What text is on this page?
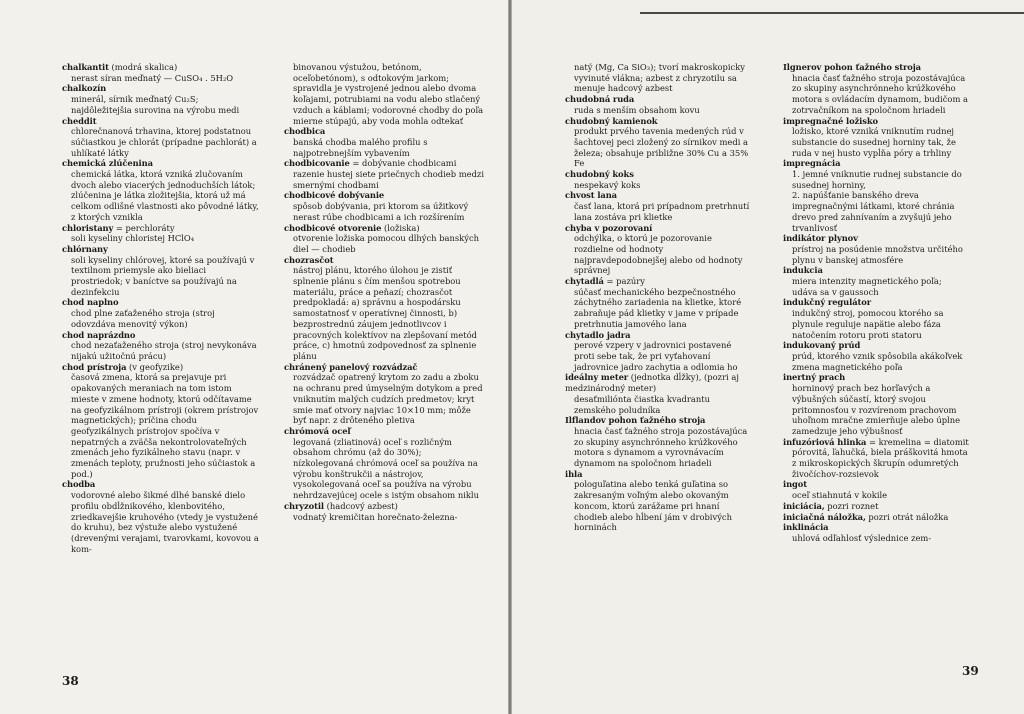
chalkantit (modrá skalica)
nerast síran meďnatý — CuSO₄ . 5H₂O
chalkozín
minerál, sírnik meďnatý Cu₂S; najdôležitejšia surovina na výrobu medi
cheddit
chlorečnanová trhavina, ktorej podstatnou súčiastkou je chlorát (prípadne pachlorát) a uhlíkaté látky
chemická zlúčenina
chemická látka, ktorá vzniká zlučovaním dvoch alebo viacerých jednoduchších látok; zlúčenina je látka zložitejšia, ktorá už má celkom odlišné vlastnosti ako pôvodné látky, z ktorých vznikla
chloristany = perchloráty
soli kyseliny chloristej HClO₄
chlórnany
soli kyseliny chlórovej, ktoré sa používajú v textilnom priemysle ako bieliaci prostriedok; v baníctve sa používajú na dezinfekciu
chod naplno
chod plne zaťaženého stroja (stroj odovzdáva menovitý výkon)
chod naprázdno
chod nezaťaženého stroja (stroj nevykonáva nijakú užitočnú prácu)
chod prístroja (v geofyzike)
časová zmena, ktorá sa prejavuje pri opakovaných meraniach na tom istom mieste v zmene hodnoty, ktorú odčítavame na geofyzikálnom prístroji (okrem prístrojov magnetických); príčina chodu geofyzikálnych prístrojov spočíva v nepatrných a zväčša nekontrolovateľných zmenách jeho fyzikálneho stavu (napr. v zmenách teploty, pružnosti jeho súčiastok a pod.)
chodba
vodorovné alebo šikmé dlhé banské dielo profilu obdĺžnikového, klenbovitého, zriedkavejšie kruhového (vtedy je vystužené do kruhu), bez výstuže alebo vystužené (drevenými verajami, tvarovkami, kovovou a kom-
binovanou výstužou, betónom, oceľobetónom), s odtokovým jarkom; spravidla je vystrojené jednou alebo dvoma koľajami, potrubiami na vodu alebo stlačený vzduch a káblami; vodorovné chodby do poľa mierne stúpajú, aby voda mohla odtekať
chodbica
banská chodba malého profilu s najpotrebnejším vybavením
chodbicovanie = dobývanie chodbicami
razenie hustej siete priečnych chodieb medzi smernými chodbami
chodbicové dobývanie
spôsob dobývania, pri ktorom sa úžitkový nerast rúbe chodbicami a ich rozšírením
chodbicové otvorenie (ložiska)
otvorenie ložiska pomocou dlhých banských diel — chodieb
chozrasčot
nástroj plánu, ktorého úlohou je zistiť splnenie plánu s čím menšou spotrebou materiálu, práce a peňazí; chozrasčot predpokladá: a) správnu a hospodársku samostatnosť v operatívnej činnosti, b) bezprostrednú záujem jednotlivcov i pracovných kolektívov na zlepšovaní metód práce, c) hmotnú zodpovednosť za splnenie plánu
chránený panelový rozvádzač
rozvádzač opatrený krytom zo zadu a zboku na ochranu pred úmyselným dotykom a pred vniknutím malých cudzích predmetov; kryt smie mať otvory najviac 10×10 mm; môže byť napr. z drôteného pletiva
chrómová oceľ
legovaná (zliatinová) oceľ s rozličným obsahom chrómu (až do 30%); nízkolegovaná chrómová oceľ sa používa na výrobu konštrukčii a nástrojov, vysokolegovaná oceľ sa používa na výrobu nehrdzavejúcej ocele s istým obsahom niklu
chryzotil (hadcový azbest)
vodnatý kremičitan horečnato-železna-
natý (Mg, Ca SiO₃); tvorí makroskopicky vyvinuté vlákna; azbest z chryzotilu sa menuje hadcový azbest
chudobná ruda
ruda s menším obsahom kovu
chudobný kamienok
produkt prvého tavenia medených rúd v šachtovej peci zložený zo sírnikov medi a železa; obsahuje približne 30% Cu a 35% Fe
chudobný koks
nespekavý koks
chvost lana
časť lana, ktorá pri prípadnom pretrhnutí lana zostáva pri klietke
chyba v pozorovaní
odchýlka, o ktorú je pozorovanie rozdielne od hodnoty najpravdepodobnejšej alebo od hodnoty správnej
chytadlá = pazúry
súčasť mechanického bezpečnostného záchytného zariadenia na klietke, ktoré zabraňuje pád klietky v jame v prípade pretrhnutia jamového lana
chytadlo jadra
perové vzpery v jadrovnici postavené proti sebe tak, že pri vyťahovaní jadrovnice jadro zachytia a odlomia ho
ideálny meter (jednotka dĺžky), (pozri aj medzinárodný meter)
desaťmiliónta čiastka kvadrantu zemského poludníka
Ilflandov pohon ťažného stroja
hnacia časť ťažného stroja pozostávajúca zo skupiny asynchrónneho krúžkového motora s dynamom a vyrovnávacím dynamom na spoločnom hriadeli
ihla
pologuľatina alebo tenká guľatina so zakresaným voľným alebo okovaným koncom, ktorú zarážame pri hnaní chodieb alebo hĺbení jám v drobivých horninách
Ilgnerov pohon ťažného stroja
hnacia časť ťažného stroja pozostávajúca zo skupiny asynchrónneho krúžkového motora s ovládacím dynamom, budičom a zotrvačníkom na spoločnom hriadeli
impregnačné ložisko
ložisko, ktoré vzniká vniknutím rudnej substancie do susednej horniny tak, že ruda v nej husto vypĺňa póry a trhliny
impregnácia
1. jemné vniknutie rudnej substancie do susednej horniny,
2. napúšťanie banského dreva impregnačnými látkami, ktoré chránia drevo pred zahnívaním a zvyšujú jeho trvanlivosť
indikátor plynov
prístroj na posúdenie množstva určitého plynu v banskej atmosfére
indukcia
miera intenzity magnetického poľa; udáva sa v gaussoch
indukčný regulátor
indukčný stroj, pomocou ktorého sa plynule reguluje napätie alebo fáza natočením rotoru proti statoru
indukovaný prúd
prúd, ktorého vznik spôsobila akákoľvek zmena magnetického poľa
inertný prach
horninový prach bez horľavých a výbušných súčastí, ktorý svojou pritomnosťou v rozvírenom prachovom uhoľnom mračne zmierňuje alebo úplne zamedzuje jeho výbušnosť
infuzóriová hlinka = kremelina = diatomit
pórovitá, ľahučká, biela práškovitá hmota z mikroskopických škrupín odumretých živočíchov-rozsievok
ingot
oceľ stiahnutá v kokile
iniciácia, pozri roznet
iniciačná náložka, pozri otrát náložka
inklinácia
uhlová odľahlosť výslednice zem-
38
39
